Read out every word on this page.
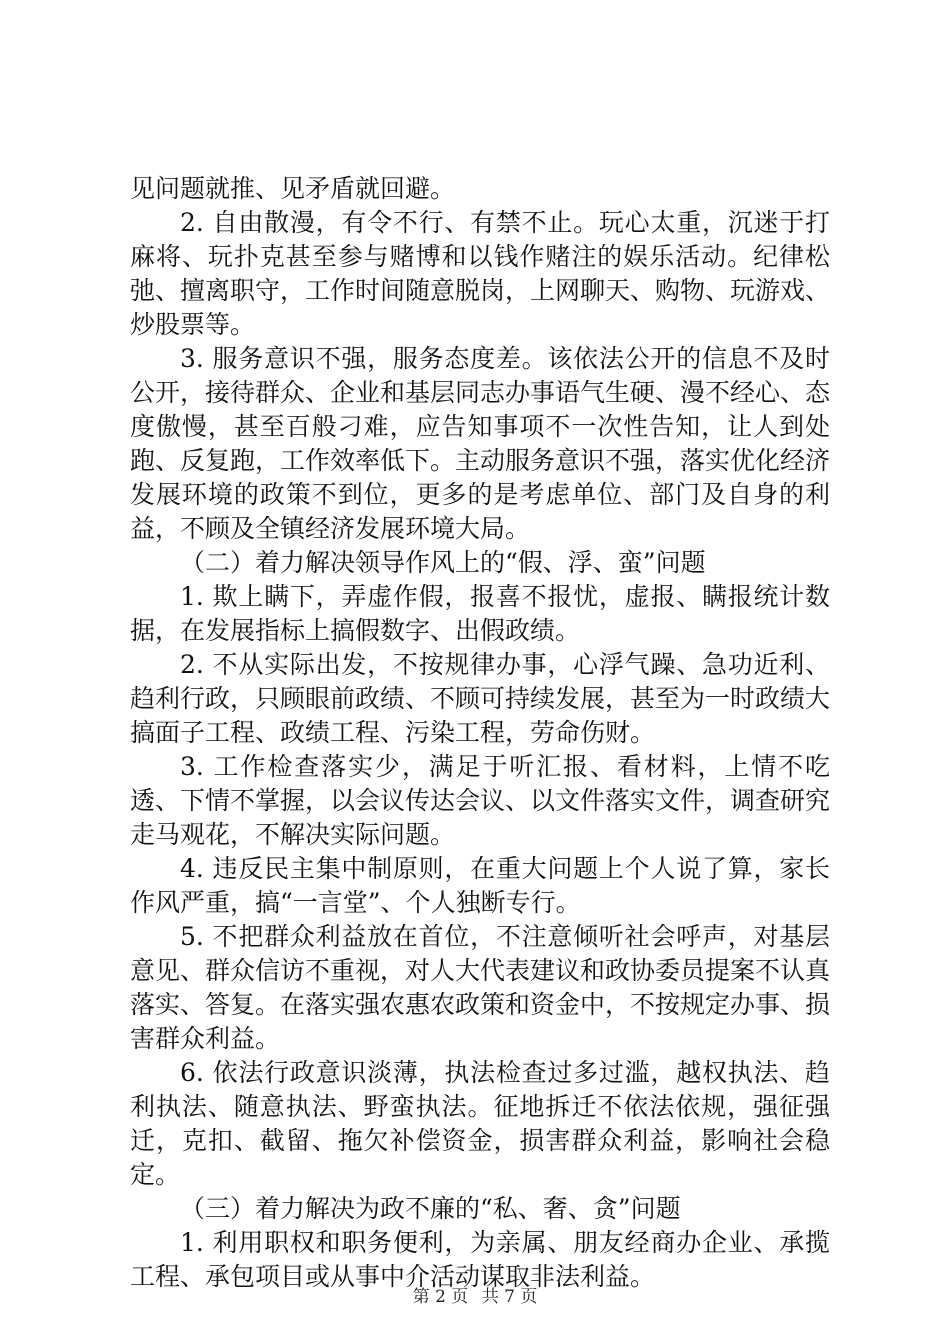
见问题就推、见矛盾就回避。

2. 自由散漫，有令不行、有禁不止。玩心太重，沉迷于打麻将、玩扑克甚至参与赌博和以钱作赌注的娱乐活动。纪律松弛、擅离职守，工作时间随意脱岗，上网聊天、购物、玩游戏、炒股票等。

3. 服务意识不强，服务态度差。该依法公开的信息不及时公开，接待群众、企业和基层同志办事语气生硬、漫不经心、态度傲慢，甚至百般刁难，应告知事项不一次性告知，让人到处跑、反复跑，工作效率低下。主动服务意识不强，落实优化经济发展环境的政策不到位，更多的是考虑单位、部门及自身的利益，不顾及全镇经济发展环境大局。

（二）着力解决领导作风上的“假、浮、蛮”问题

1. 欺上瞒下，弄虚作假，报喜不报忧，虚报、瞒报统计数据，在发展指标上搞假数字、出假政绩。

2. 不从实际出发，不按规律办事，心浮气躁、急功近利、趋利行政，只顾眼前政绩、不顾可持续发展，甚至为一时政绩大搞面子工程、政绩工程、污染工程，劳命伤财。

3. 工作检查落实少，满足于听汇报、看材料，上情不吃透、下情不掌握，以会议传达会议、以文件落实文件，调查研究走马观花，不解决实际问题。

4. 违反民主集中制原则，在重大问题上个人说了算，家长作风严重，搞“一言堂”、个人独断专行。

5. 不把群众利益放在首位，不注意倾听社会呼声，对基层意见、群众信访不重视，对人大代表建议和政协委员提案不认真落实、答复。在落实强农惠农政策和资金中，不按规定办事、损害群众利益。

6. 依法行政意识淡薄，执法检查过多过滥，越权执法、趋利执法、随意执法、野蛮执法。征地拆迁不依法依规，强征强迁，克扣、截留、拖欠补偿资金，损害群众利益，影响社会稳定。

（三）着力解决为政不廉的“私、奢、贪”问题

1. 利用职权和职务便利，为亲属、朋友经商办企业、承揽工程、承包项目或从事中介活动谋取非法利益。

第 2 页 共 7 页
